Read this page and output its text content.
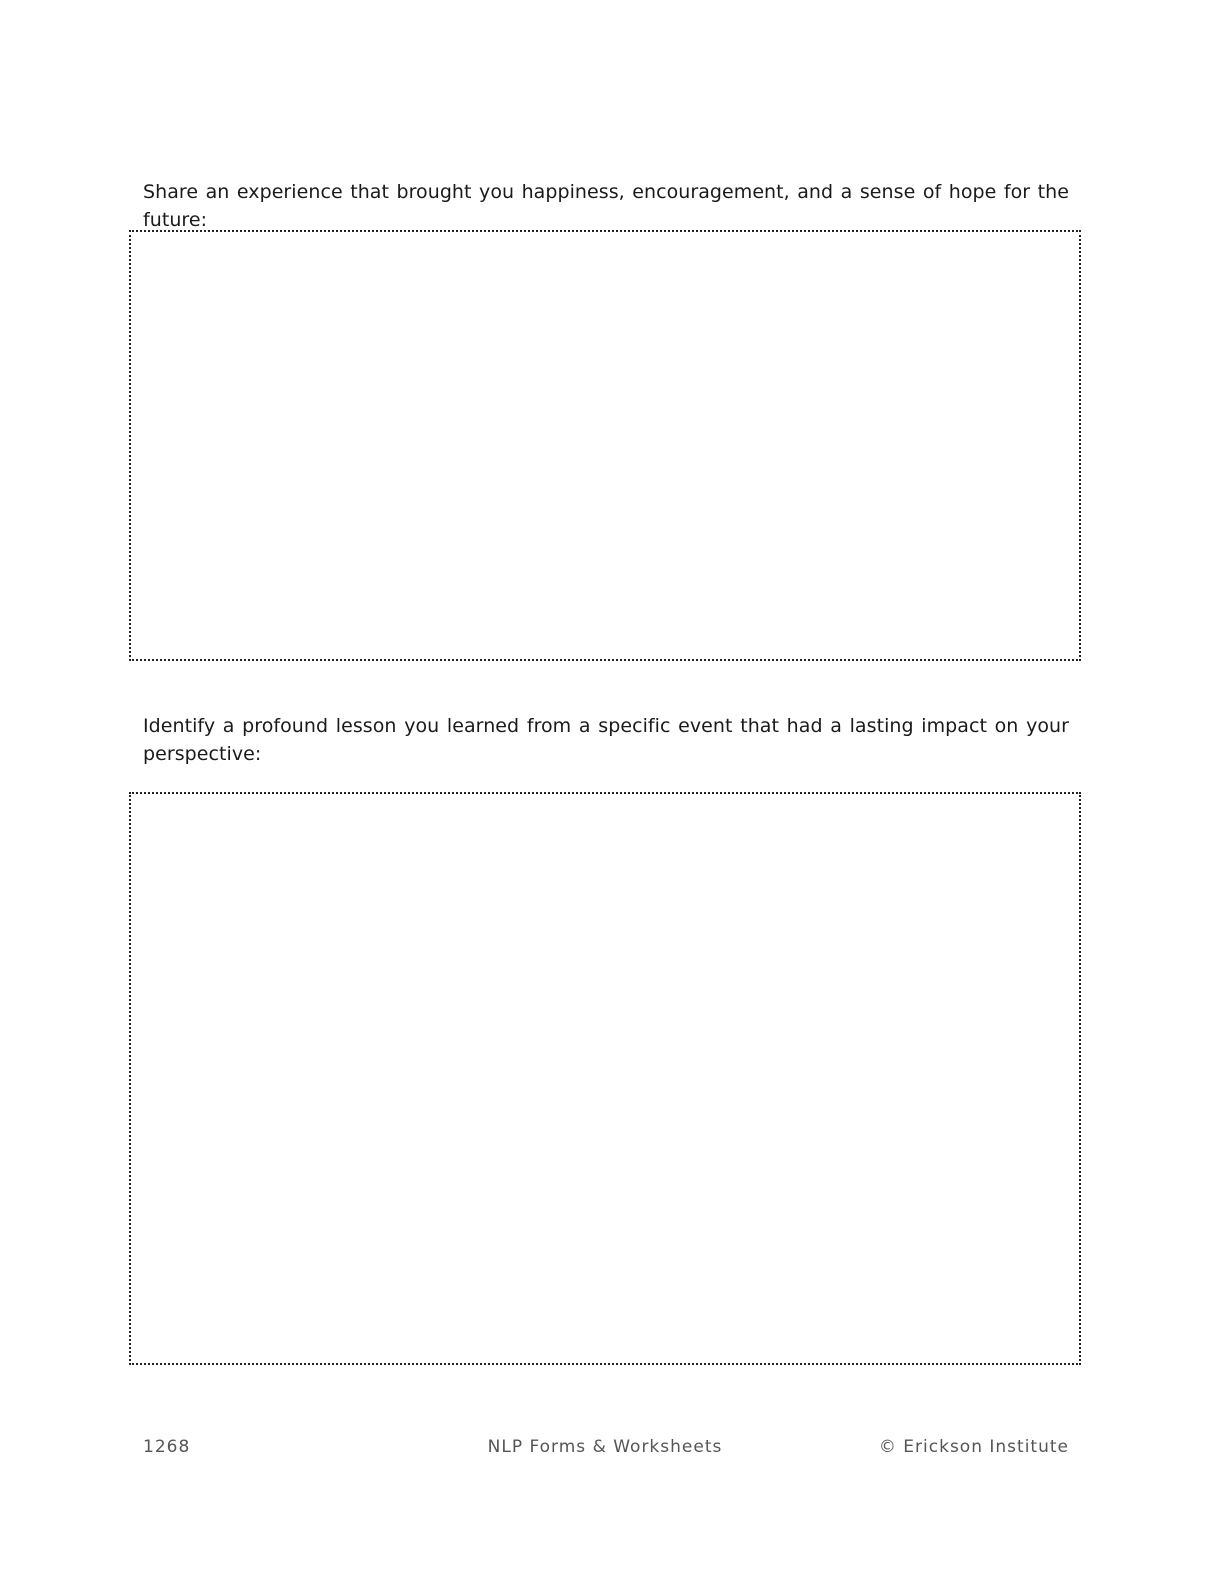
Share an experience that brought you happiness, encouragement, and a sense of hope for the future:
Identify a profound lesson you learned from a specific event that had a lasting impact on your perspective:
1268	NLP Forms & Worksheets	© Erickson Institute
